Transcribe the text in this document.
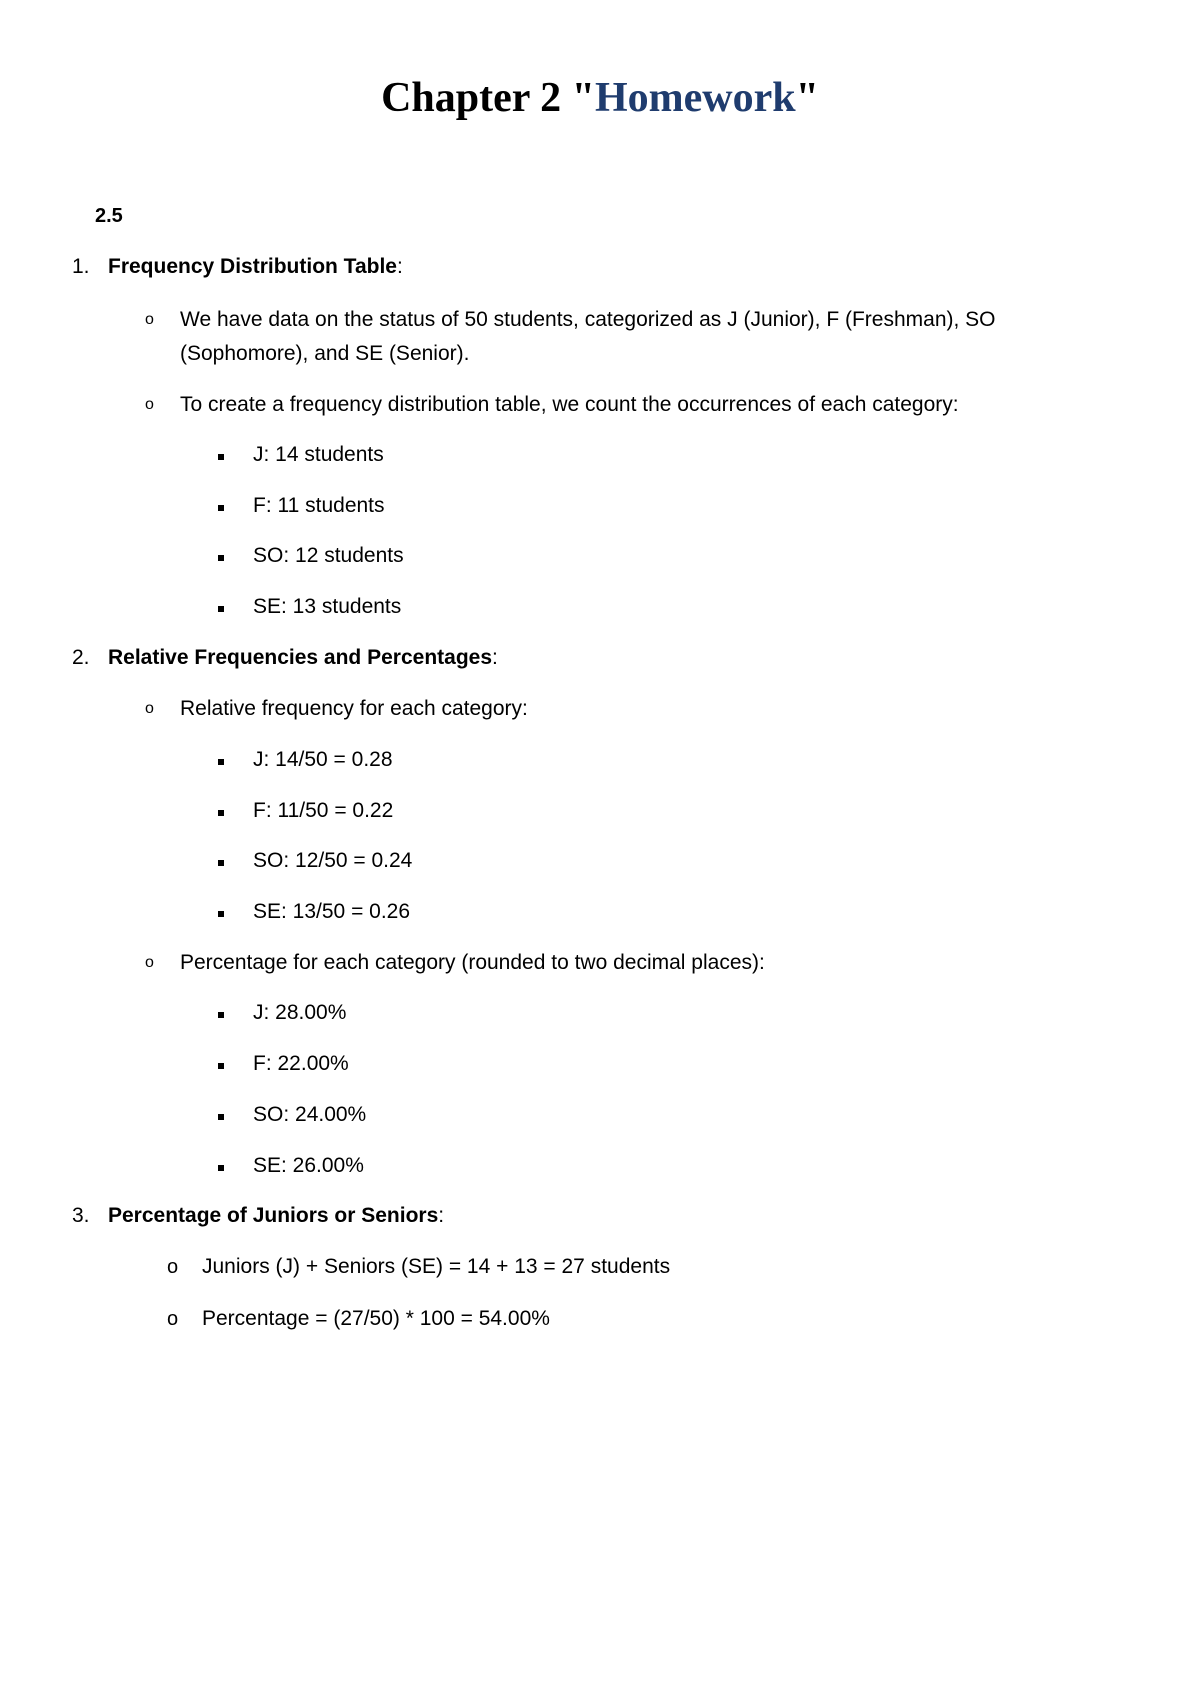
Chapter 2 "Homework"
2.5
1. Frequency Distribution Table:
o We have data on the status of 50 students, categorized as J (Junior), F (Freshman), SO
(Sophomore), and SE (Senior).
o To create a frequency distribution table, we count the occurrences of each category:
J: 14 students
F: 11 students
SO: 12 students
SE: 13 students
2. Relative Frequencies and Percentages:
o Relative frequency for each category:
J: 14/50 = 0.28
F: 11/50 = 0.22
SO: 12/50 = 0.24
SE: 13/50 = 0.26
o Percentage for each category (rounded to two decimal places):
J: 28.00%
F: 22.00%
SO: 24.00%
SE: 26.00%
3. Percentage of Juniors or Seniors:
o Juniors (J) + Seniors (SE) = 14 + 13 = 27 students
o Percentage = (27/50) * 100 = 54.00%
